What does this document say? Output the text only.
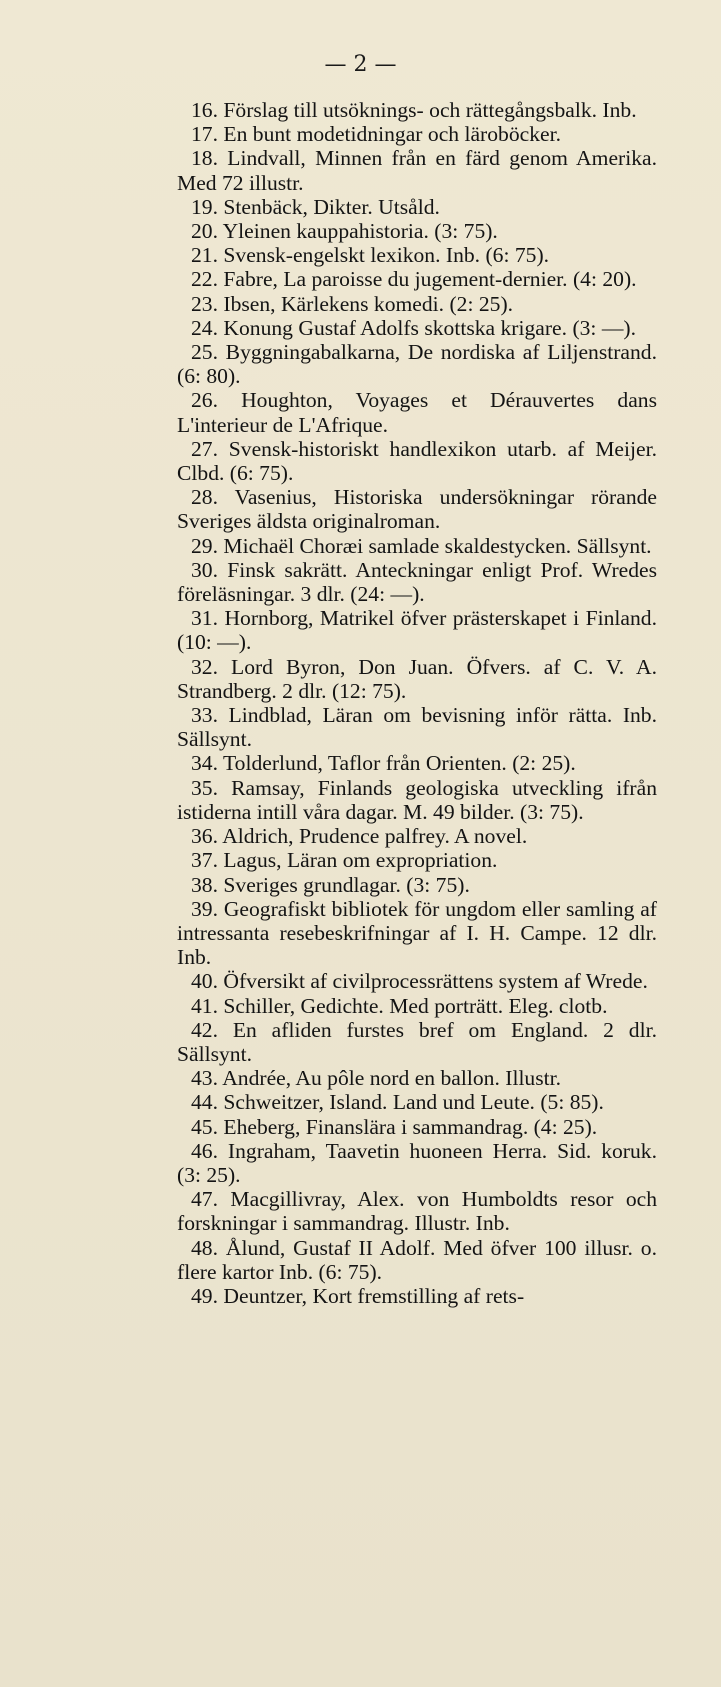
— 2 —

16. Förslag till utsöknings- och rättegångsbalk. Inb.

17. En bunt modetidningar och läroböcker.

18. Lindvall, Minnen från en färd genom Amerika. Med 72 illustr.

19. Stenbäck, Dikter. Utsåld.

20. Yleinen kauppahistoria. (3: 75).

21. Svensk-engelskt lexikon. Inb. (6: 75).

22. Fabre, La paroisse du jugement-dernier. (4: 20).

23. Ibsen, Kärlekens komedi. (2: 25).

24. Konung Gustaf Adolfs skottska krigare. (3: —).

25. Byggningabalkarna, De nordiska af Liljenstrand. (6: 80).

26. Houghton, Voyages et Dérauvertes dans L'interieur de L'Afrique.

27. Svensk-historiskt handlexikon utarb. af Meijer. Clbd. (6: 75).

28. Vasenius, Historiska undersökningar rörande Sveriges äldsta originalroman.

29. Michaël Choræi samlade skaldestycken. Sällsynt.

30. Finsk sakrätt. Anteckningar enligt Prof. Wredes föreläsningar. 3 dlr. (24: —).

31. Hornborg, Matrikel öfver prästerskapet i Finland. (10: —).

32. Lord Byron, Don Juan. Öfvers. af C. V. A. Strandberg. 2 dlr. (12: 75).

33. Lindblad, Läran om bevisning inför rätta. Inb. Sällsynt.

34. Tolderlund, Taflor från Orienten. (2: 25).

35. Ramsay, Finlands geologiska utveckling ifrån istiderna intill våra dagar. M. 49 bilder. (3: 75).

36. Aldrich, Prudence palfrey. A novel.

37. Lagus, Läran om expropriation.

38. Sveriges grundlagar. (3: 75).

39. Geografiskt bibliotek för ungdom eller samling af intressanta resebeskrifningar af I. H. Campe. 12 dlr. Inb.

40. Öfversikt af civilprocessrättens system af Wrede.

41. Schiller, Gedichte. Med porträtt. Eleg. clotb.

42. En afliden furstes bref om England. 2 dlr. Sällsynt.

43. Andrée, Au pôle nord en ballon. Illustr.

44. Schweitzer, Island. Land und Leute. (5: 85).

45. Eheberg, Finanslära i sammandrag. (4: 25).

46. Ingraham, Taavetin huoneen Herra. Sid. koruk. (3: 25).

47. Macgillivray, Alex. von Humboldts resor och forskningar i sammandrag. Illustr. Inb.

48. Ålund, Gustaf II Adolf. Med öfver 100 illusr. o. flere kartor Inb. (6: 75).

49. Deuntzer, Kort fremstilling af rets-
